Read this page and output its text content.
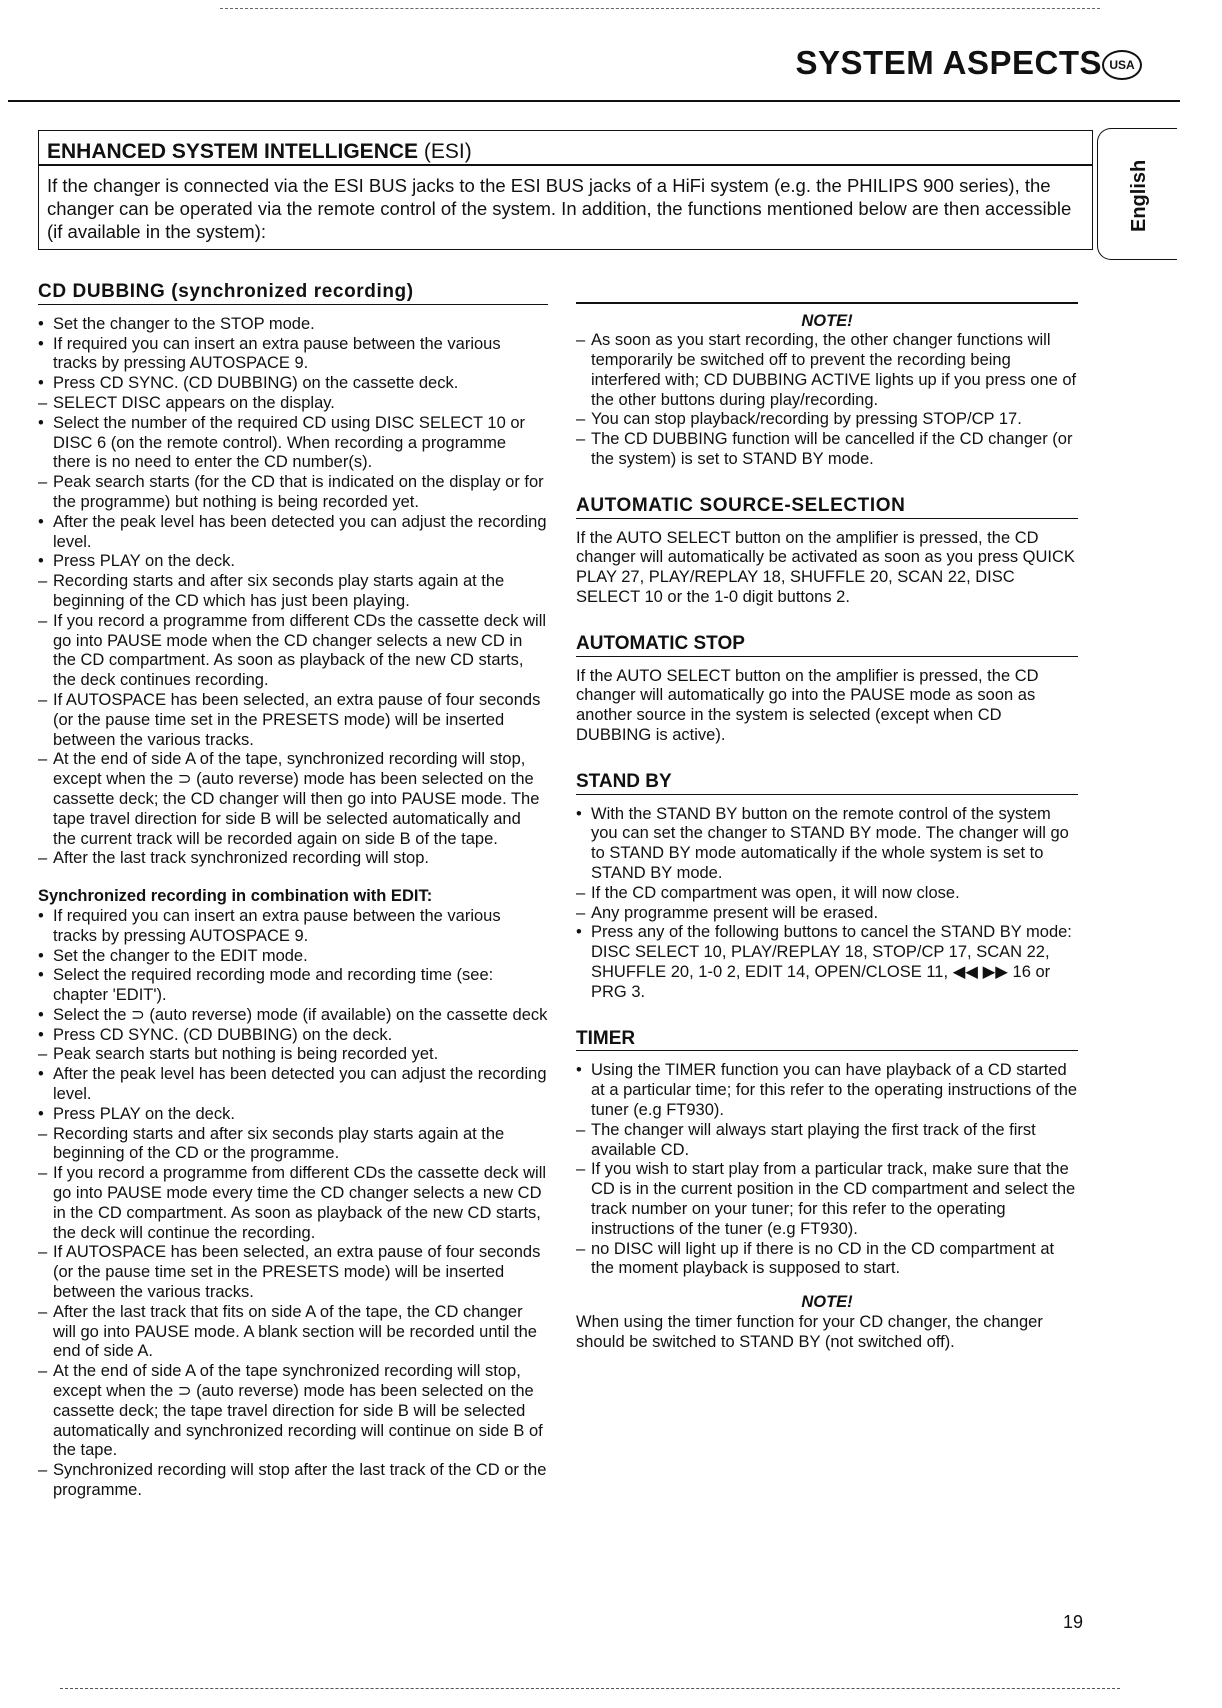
SYSTEM ASPECTS USA
ENHANCED SYSTEM INTELLIGENCE (ESI)
If the changer is connected via the ESI BUS jacks to the ESI BUS jacks of a HiFi system (e.g. the PHILIPS 900 series), the changer can be operated via the remote control of the system. In addition, the functions mentioned below are then accessible (if available in the system):	English
CD DUBBING (synchronized recording)
• Set the changer to the STOP mode.
• If required you can insert an extra pause between the various tracks by pressing AUTOSPACE 9.
• Press CD SYNC. (CD DUBBING) on the cassette deck.
– SELECT DISC appears on the display.
• Select the number of the required CD using DISC SELECT 10 or DISC 6 (on the remote control). When recording a programme there is no need to enter the CD number(s).
– Peak search starts (for the CD that is indicated on the display or for the programme) but nothing is being recorded yet.
• After the peak level has been detected you can adjust the recording level.
• Press PLAY on the deck.
– Recording starts and after six seconds play starts again at the beginning of the CD which has just been playing.
– If you record a programme from different CDs the cassette deck will go into PAUSE mode when the CD changer selects a new CD in the CD compartment. As soon as playback of the new CD starts, the deck continues recording.
– If AUTOSPACE has been selected, an extra pause of four seconds (or the pause time set in the PRESETS mode) will be inserted between the various tracks.
– At the end of side A of the tape, synchronized recording will stop, except when the ⊃ (auto reverse) mode has been selected on the cassette deck; the CD changer will then go into PAUSE mode. The tape travel direction for side B will be selected automatically and the current track will be recorded again on side B of the tape.
– After the last track synchronized recording will stop.
Synchronized recording in combination with EDIT:
• If required you can insert an extra pause between the various tracks by pressing AUTOSPACE 9.
• Set the changer to the EDIT mode.
• Select the required recording mode and recording time (see: chapter 'EDIT').
• Select the ⊃ (auto reverse) mode (if available) on the cassette deck
• Press CD SYNC. (CD DUBBING) on the deck.
– Peak search starts but nothing is being recorded yet.
• After the peak level has been detected you can adjust the recording level.
• Press PLAY on the deck.
– Recording starts and after six seconds play starts again at the beginning of the CD or the programme.
– If you record a programme from different CDs the cassette deck will go into PAUSE mode every time the CD changer selects a new CD in the CD compartment. As soon as playback of the new CD starts, the deck will continue the recording.
– If AUTOSPACE has been selected, an extra pause of four seconds (or the pause time set in the PRESETS mode) will be inserted between the various tracks.
– After the last track that fits on side A of the tape, the CD changer will go into PAUSE mode. A blank section will be recorded until the end of side A.
– At the end of side A of the tape synchronized recording will stop, except when the ⊃ (auto reverse) mode has been selected on the cassette deck; the tape travel direction for side B will be selected automatically and synchronized recording will continue on side B of the tape.
– Synchronized recording will stop after the last track of the CD or the programme.
NOTE!
– As soon as you start recording, the other changer functions will temporarily be switched off to prevent the recording being interfered with; CD DUBBING ACTIVE lights up if you press one of the other buttons during play/recording.
– You can stop playback/recording by pressing STOP/CP 17.
– The CD DUBBING function will be cancelled if the CD changer (or the system) is set to STAND BY mode.
AUTOMATIC SOURCE-SELECTION

If the AUTO SELECT button on the amplifier is pressed, the CD changer will automatically be activated as soon as you press QUICK PLAY 27, PLAY/REPLAY 18, SHUFFLE 20, SCAN 22, DISC SELECT 10 or the 1-0 digit buttons 2.

AUTOMATIC STOP

If the AUTO SELECT button on the amplifier is pressed, the CD changer will automatically go into the PAUSE mode as soon as another source in the system is selected (except when CD DUBBING is active).

STAND BY
• With the STAND BY button on the remote control of the system you can set the changer to STAND BY mode. The changer will go to STAND BY mode automatically if the whole system is set to STAND BY mode.
– If the CD compartment was open, it will now close.
– Any programme present will be erased.
• Press any of the following buttons to cancel the STAND BY mode: DISC SELECT 10, PLAY/REPLAY 18, STOP/CP 17, SCAN 22, SHUFFLE 20, 1-0 2, EDIT 14, OPEN/CLOSE 11, ◀◀ ▶▶ 16 or PRG 3.
TIMER
• Using the TIMER function you can have playback of a CD started at a particular time; for this refer to the operating instructions of the tuner (e.g FT930).
– The changer will always start playing the first track of the first available CD.
– If you wish to start play from a particular track, make sure that the CD is in the current position in the CD compartment and select the track number on your tuner; for this refer to the operating instructions of the tuner (e.g FT930).
– no DISC will light up if there is no CD in the CD compartment at the moment playback is supposed to start.
NOTE!

When using the timer function for your CD changer, the changer should be switched to STAND BY (not switched off).

19
